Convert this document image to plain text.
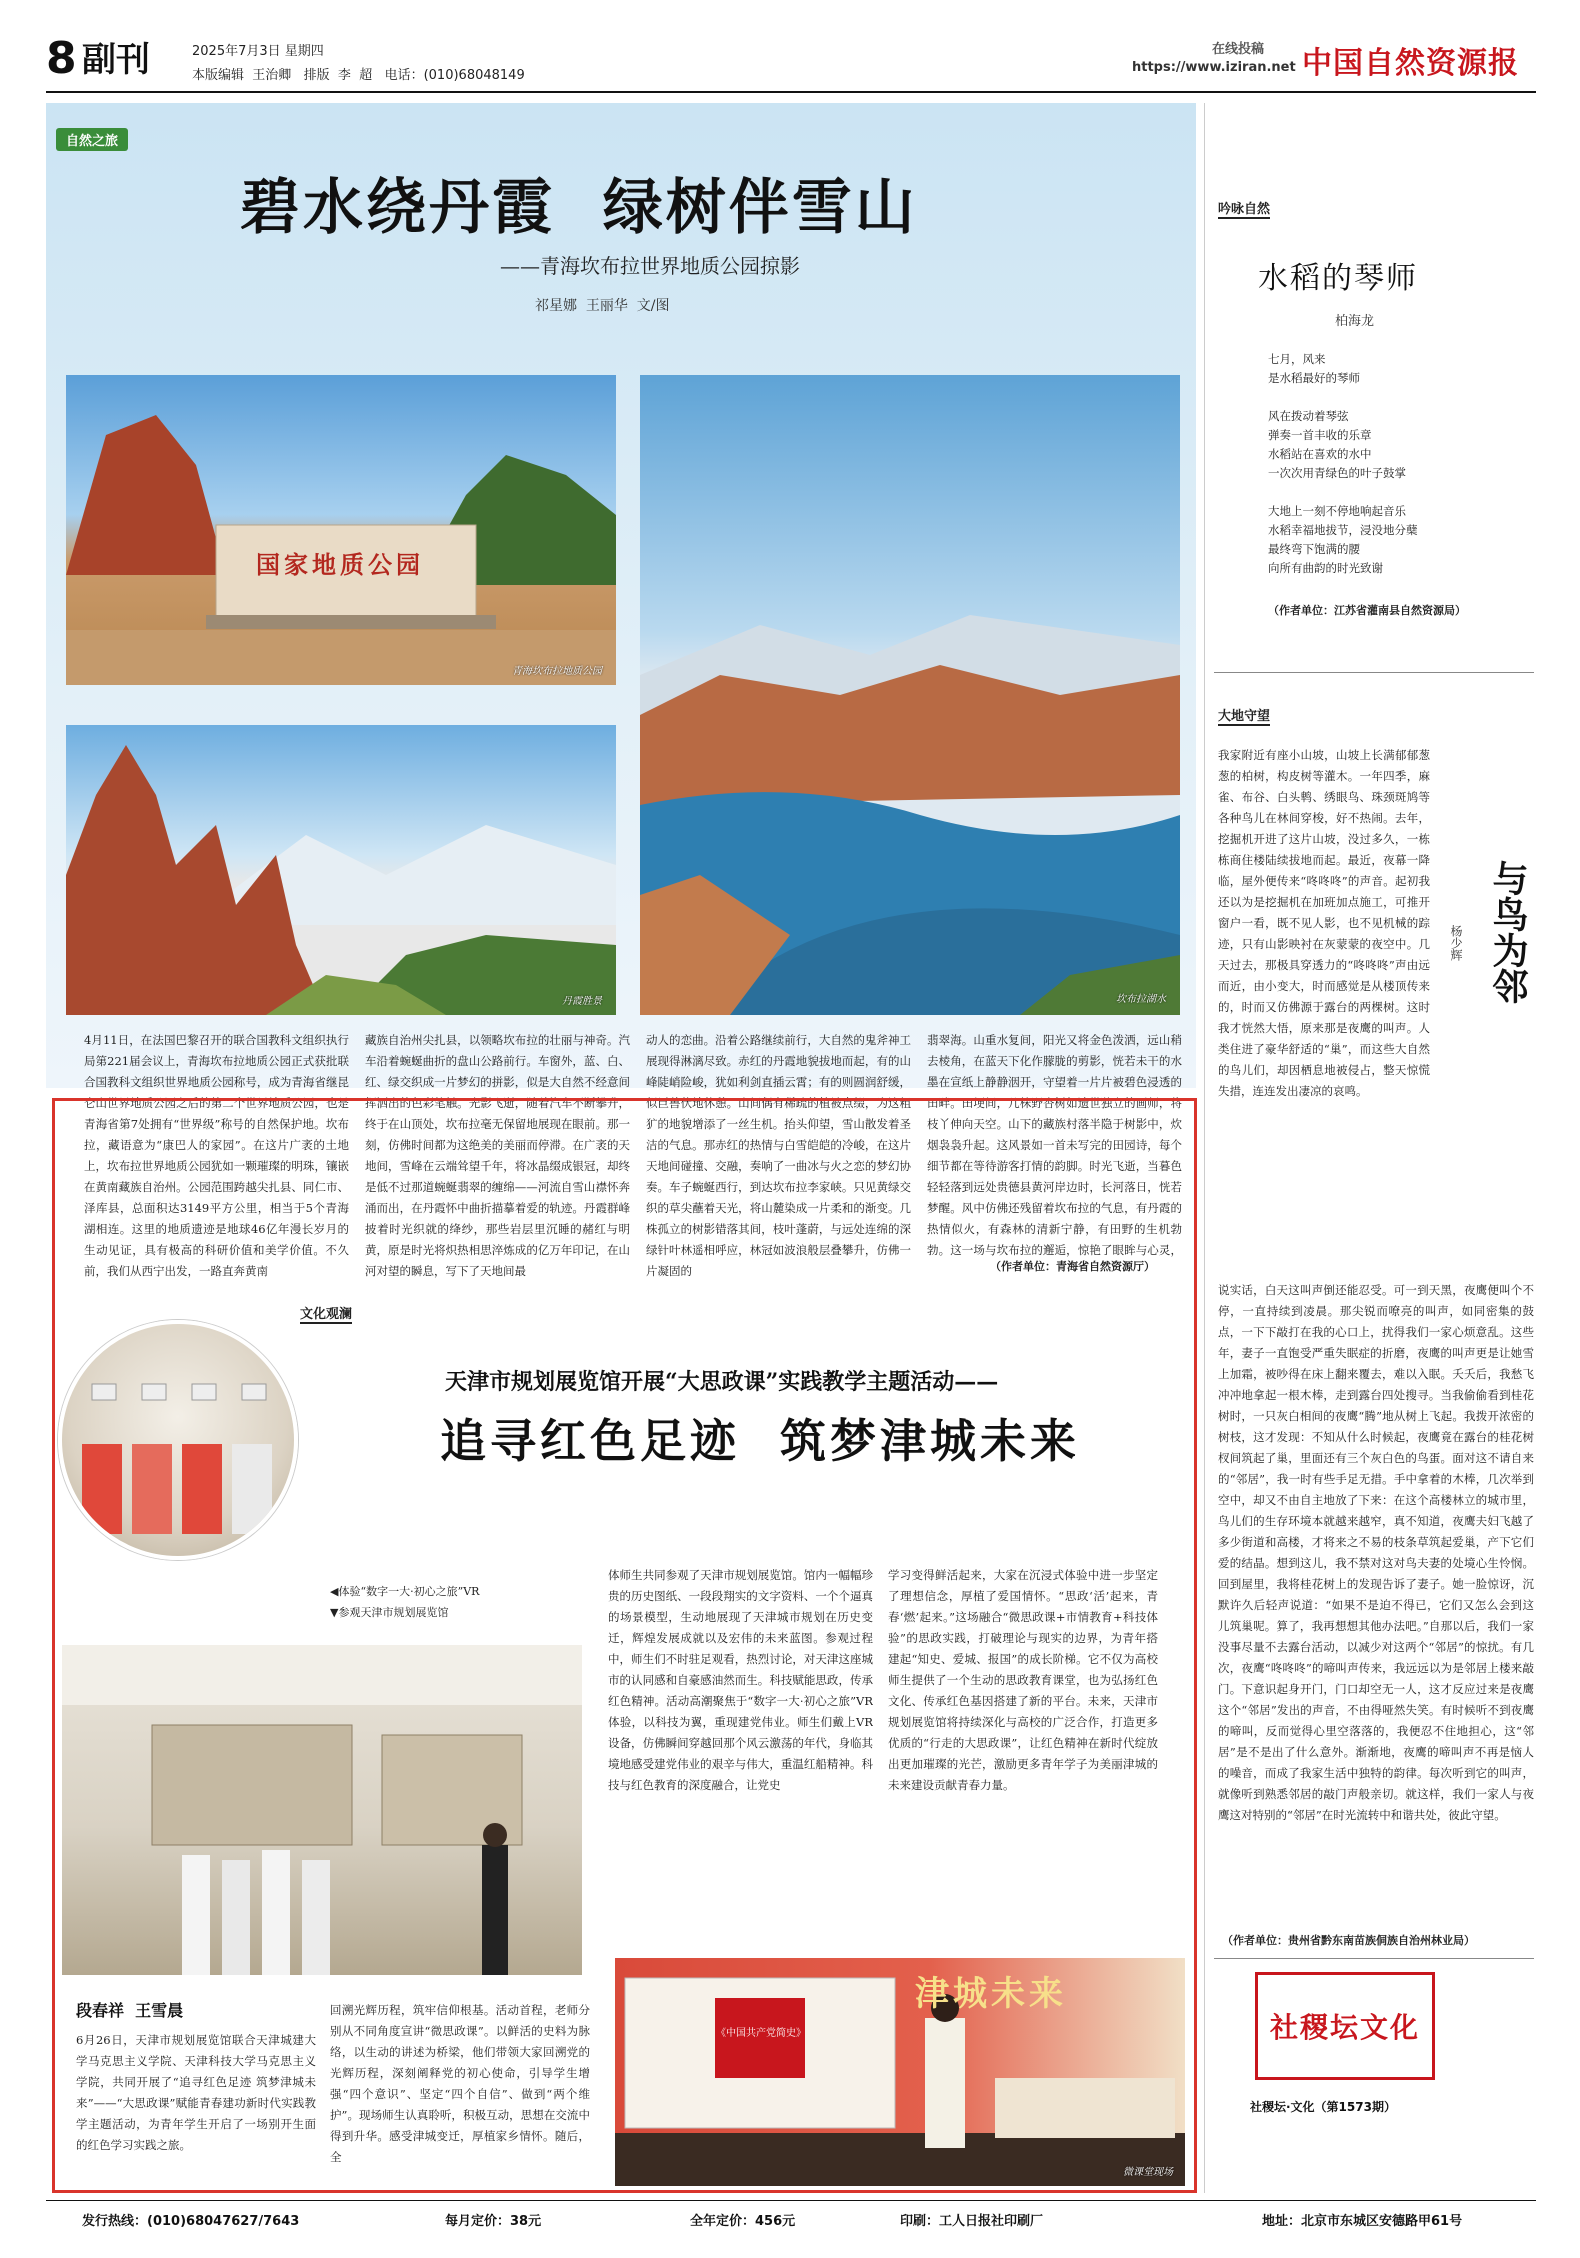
8 副刊	2025年7月3日 星期四
本版编辑  王治卿   排版  李  超   电话：(010)68048149
在线投稿
https://www.iziran.net 中国自然资源报
自然之旅
碧水绕丹霞  绿树伴雪山
——青海坎布拉世界地质公园掠影
祁星娜  王丽华  文/图
国家地质公园
青海坎布拉地质公园
丹霞胜景	坎布拉湖水
4月11日，在法国巴黎召开的联合国教科文组织执行局第221届会议上，青海坎布拉地质公园正式获批联合国教科文组织世界地质公园称号，成为青海省继昆仑山世界地质公园之后的第二个世界地质公园，也是青海省第7处拥有“世界级”称号的自然保护地。坎布拉，藏语意为“康巴人的家园”。在这片广袤的土地上，坎布拉世界地质公园犹如一颗璀璨的明珠，镶嵌在黄南藏族自治州。公园范围跨越尖扎县、同仁市、泽库县，总面积达3149平方公里，相当于5个青海湖相连。这里的地质遗迹是地球46亿年漫长岁月的生动见证，具有极高的科研价值和美学价值。不久前，我们从西宁出发，一路直奔黄南
藏族自治州尖扎县，以领略坎布拉的壮丽与神奇。汽车沿着蜿蜒曲折的盘山公路前行。车窗外，蓝、白、红、绿交织成一片梦幻的拼影，似是大自然不经意间挥洒出的色彩笔触。光影飞逝，随着汽车不断攀升，终于在山顶处，坎布拉毫无保留地展现在眼前。那一刻，仿佛时间都为这绝美的美丽而停滞。在广袤的天地间，雪峰在云端耸望千年，将冰晶缀成银冠，却终是低不过那道蜿蜒翡翠的缠绵——河流自雪山襟怀奔涌而出，在丹霞怀中曲折描摹着爱的轨迹。丹霞群峰披着时光织就的绛纱，那些岩层里沉睡的赭红与明黄，原是时光将炽热相思淬炼成的亿万年印记，在山河对望的瞬息，写下了天地间最
动人的恋曲。沿着公路继续前行，大自然的鬼斧神工展现得淋漓尽致。赤红的丹霞地貌拔地而起，有的山峰陡峭险峻，犹如利剑直插云霄；有的则圆润舒缓，似巨兽伏地休憩。山间偶有稀疏的植被点缀，为这粗犷的地貌增添了一丝生机。抬头仰望，雪山散发着圣洁的气息。那赤红的热情与白雪皑皑的冷峻，在这片天地间碰撞、交融，奏响了一曲冰与火之恋的梦幻协奏。车子蜿蜒西行，到达坎布拉李家峡。只见黄绿交织的草尖蘸着天光，将山麓染成一片柔和的渐变。几株孤立的树影错落其间，枝叶蓬蔚，与远处连绵的深绿针叶林遥相呼应，林冠如波浪般层叠攀升，仿佛一片凝固的
翡翠海。山重水复间，阳光又将金色泼洒，远山稍去棱角，在蓝天下化作朦胧的剪影，恍若未干的水墨在宣纸上静静洇开，守望着一片片被碧色浸透的田畔。田埂间，几株野杏树如遗世独立的画师，将枝丫伸向天空。山下的藏族村落半隐于树影中，炊烟袅袅升起。这风景如一首未写完的田园诗，每个细节都在等待游客打情的韵脚。时光飞逝，当暮色轻轻落到远处贵德县黄河岸边时，长河落日，恍若梦醒。风中仿佛还残留着坎布拉的气息，有丹霞的热情似火，有森林的清新宁静，有田野的生机勃勃。这一场与坎布拉的邂逅，惊艳了眼眸与心灵，
（作者单位：青海省自然资源厅）
文化观澜
天津市规划展览馆开展“大思政课”实践教学主题活动——
追寻红色足迹  筑梦津城未来
◀体验“数字一大·初心之旅”VR
▼参观天津市规划展览馆
段春祥  王雪晨
6月26日，天津市规划展览馆联合天津城建大学马克思主义学院、天津科技大学马克思主义学院，共同开展了“追寻红色足迹 筑梦津城未来”——“大思政课”赋能青春建功新时代实践教学主题活动，为青年学生开启了一场别开生面的红色学习实践之旅。
回溯光辉历程，筑牢信仰根基。活动首程，老师分别从不同角度宣讲“微思政课”。以鲜活的史料为脉络，以生动的讲述为桥梁，他们带领大家回溯党的光辉历程，深刻阐释党的初心使命，引导学生增强“四个意识”、坚定“四个自信”、做到“两个维护”。现场师生认真聆听，积极互动，思想在交流中得到升华。感受津城变迁，厚植家乡情怀。随后，全
体师生共同参观了天津市规划展览馆。馆内一幅幅珍贵的历史图纸、一段段翔实的文字资料、一个个逼真的场景模型，生动地展现了天津城市规划在历史变迁，辉煌发展成就以及宏伟的未来蓝图。参观过程中，师生们不时驻足观看，热烈讨论，对天津这座城市的认同感和自豪感油然而生。科技赋能思政，传承红色精神。活动高潮聚焦于“数字一大·初心之旅”VR体验，以科技为翼，重现建党伟业。师生们戴上VR设备，仿佛瞬间穿越回那个风云激荡的年代，身临其境地感受建党伟业的艰辛与伟大，重温红船精神。科技与红色教育的深度融合，让党史
学习变得鲜活起来，大家在沉浸式体验中进一步坚定了理想信念，厚植了爱国情怀。“思政‘活’起来，青春‘燃’起来。”这场融合“微思政课+市情教育+科技体验”的思政实践，打破理论与现实的边界，为青年搭建起“知史、爱城、报国”的成长阶梯。它不仅为高校师生提供了一个生动的思政教育课堂，也为弘扬红色文化、传承红色基因搭建了新的平台。未来，天津市规划展览馆将持续深化与高校的广泛合作，打造更多优质的“行走的大思政课”，让红色精神在新时代绽放出更加璀璨的光芒，激励更多青年学子为美丽津城的未来建设贡献青春力量。
津城未来
《中国共产党简史》
微课堂现场
吟咏自然
水稻的琴师
柏海龙
七月，风来
是水稻最好的琴师
风在拨动着琴弦
弹奏一首丰收的乐章
水稻站在喜欢的水中
一次次用青绿色的叶子鼓掌
大地上一刻不停地响起音乐
水稻幸福地拔节，浸没地分蘖
最终弯下饱满的腰
向所有曲韵的时光致谢
（作者单位：江苏省灌南县自然资源局）
大地守望
我家附近有座小山坡，山坡上长满郁郁葱葱的柏树，构皮树等灌木。一年四季，麻雀、布谷、白头鹎、绣眼鸟、珠颈斑鸠等各种鸟儿在林间穿梭，好不热闹。去年，挖掘机开进了这片山坡，没过多久，一栋栋商住楼陆续拔地而起。最近，夜幕一降临，屋外便传来“咚咚咚”的声音。起初我还以为是挖掘机在加班加点施工，可推开窗户一看，既不见人影，也不见机械的踪迹，只有山影映衬在灰蒙蒙的夜空中。几天过去，那极具穿透力的“咚咚咚”声由远而近，由小变大，时而感觉是从楼顶传来的，时而又仿佛源于露台的两棵树。这时我才恍然大悟，原来那是夜鹰的叫声。人类住进了豪华舒适的“巢”，而这些大自然的鸟儿们，却因栖息地被侵占，整天惊慌失措，连连发出凄凉的哀鸣。
与鸟为邻
杨少辉
说实话，白天这叫声倒还能忍受。可一到天黑，夜鹰便叫个不停，一直持续到凌晨。那尖锐而嘹亮的叫声，如同密集的鼓点，一下下敲打在我的心口上，扰得我们一家心烦意乱。这些年，妻子一直饱受严重失眠症的折磨，夜鹰的叫声更是让她雪上加霜，被吵得在床上翻来覆去，难以入眠。夭夭后，我愁飞冲冲地拿起一根木棒，走到露台四处搜寻。当我偷偷看到桂花树时，一只灰白相间的夜鹰“腾”地从树上飞起。我拨开浓密的树枝，这才发现：不知从什么时候起，夜鹰竟在露台的桂花树杈间筑起了巢，里面还有三个灰白色的鸟蛋。面对这不请自来的“邻居”，我一时有些手足无措。手中拿着的木棒，几次举到空中，却又不由自主地放了下来：在这个高楼林立的城市里，鸟儿们的生存环境本就越来越窄，真不知道，夜鹰夫妇飞越了多少街道和高楼，才将来之不易的枝条草筑起爱巢，产下它们爱的结晶。想到这儿，我不禁对这对鸟夫妻的处境心生怜悯。回到屋里，我将桂花树上的发现告诉了妻子。她一脸惊讶，沉默许久后轻声说道：“如果不是迫不得已，它们又怎么会到这儿筑巢呢。算了，我再想想其他办法吧。”自那以后，我们一家没事尽量不去露台活动，以减少对这两个“邻居”的惊扰。有几次，夜鹰“咚咚咚”的啼叫声传来，我远远以为是邻居上楼来敲门。下意识起身开门，门口却空无一人，这才反应过来是夜鹰这个“邻居”发出的声音，不由得哑然失笑。有时候听不到夜鹰的啼叫，反而觉得心里空落落的，我便忍不住地担心，这“邻居”是不是出了什么意外。渐渐地，夜鹰的啼叫声不再是恼人的噪音，而成了我家生活中独特的韵律。每次听到它的叫声，就像听到熟悉邻居的敲门声般亲切。就这样，我们一家人与夜鹰这对特别的“邻居”在时光流转中和谐共处，彼此守望。
（作者单位：贵州省黔东南苗族侗族自治州林业局）
社稷坛文化
社稷坛·文化（第1573期）
发行热线：(010)68047627/7643	每月定价：38元	全年定价：456元	印刷：工人日报社印刷厂	地址：北京市东城区安德路甲61号
